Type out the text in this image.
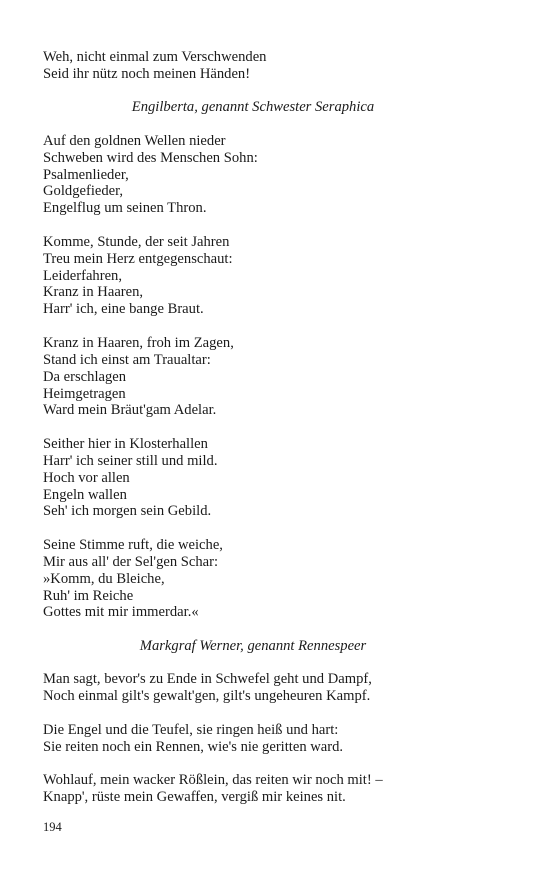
Weh, nicht einmal zum Verschwenden
Seid ihr nütz noch meinen Händen!
Engilberta, genannt Schwester Seraphica
Auf den goldnen Wellen nieder
Schweben wird des Menschen Sohn:
Psalmenlieder,
Goldgefieder,
Engelflug um seinen Thron.
Komme, Stunde, der seit Jahren
Treu mein Herz entgegenschaut:
Leiderfahren,
Kranz in Haaren,
Harr' ich, eine bange Braut.
Kranz in Haaren, froh im Zagen,
Stand ich einst am Traualtar:
Da erschlagen
Heimgetragen
Ward mein Bräut'gam Adelar.
Seither hier in Klosterhallen
Harr' ich seiner still und mild.
Hoch vor allen
Engeln wallen
Seh' ich morgen sein Gebild.
Seine Stimme ruft, die weiche,
Mir aus all' der Sel'gen Schar:
»Komm, du Bleiche,
Ruh' im Reiche
Gottes mit mir immerdar.«
Markgraf Werner, genannt Rennespeer
Man sagt, bevor's zu Ende in Schwefel geht und Dampf,
Noch einmal gilt's gewalt'gen, gilt's ungeheuren Kampf.
Die Engel und die Teufel, sie ringen heiß und hart:
Sie reiten noch ein Rennen, wie's nie geritten ward.
Wohlauf, mein wacker Rößlein, das reiten wir noch mit! –
Knapp', rüste mein Gewaffen, vergiß mir keines nit.
194
